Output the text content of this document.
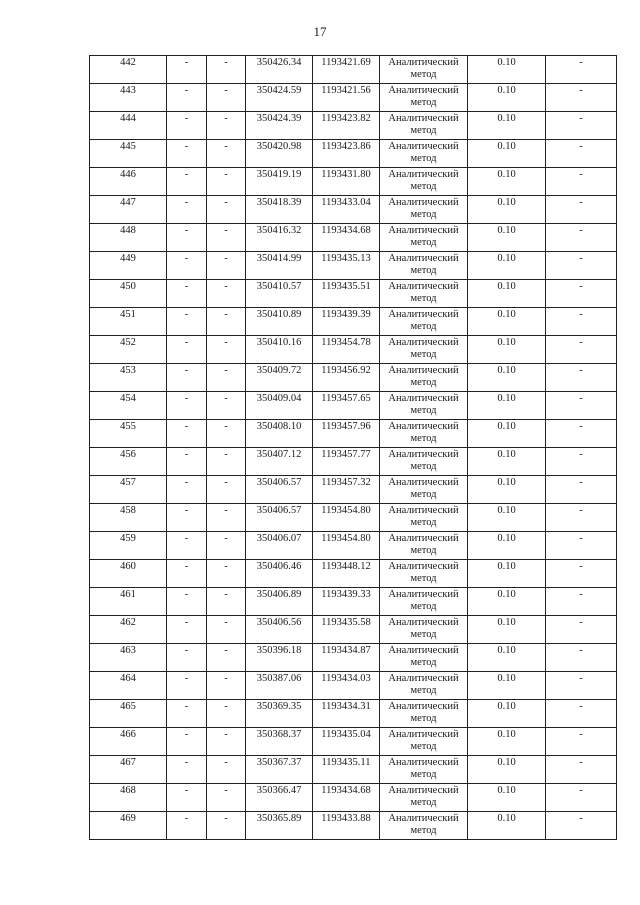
17
442	-	-	350426.34	1193421.69	Аналитический
метод	0.10	-
443	-	-	350424.59	1193421.56	Аналитический
метод	0.10	-
444	-	-	350424.39	1193423.82	Аналитический
метод	0.10	-
445	-	-	350420.98	1193423.86	Аналитический
метод	0.10	-
446	-	-	350419.19	1193431.80	Аналитический
метод	0.10	-
447	-	-	350418.39	1193433.04	Аналитический
метод	0.10	-
448	-	-	350416.32	1193434.68	Аналитический
метод	0.10	-
449	-	-	350414.99	1193435.13	Аналитический
метод	0.10	-
450	-	-	350410.57	1193435.51	Аналитический
метод	0.10	-
451	-	-	350410.89	1193439.39	Аналитический
метод	0.10	-
452	-	-	350410.16	1193454.78	Аналитический
метод	0.10	-
453	-	-	350409.72	1193456.92	Аналитический
метод	0.10	-
454	-	-	350409.04	1193457.65	Аналитический
метод	0.10	-
455	-	-	350408.10	1193457.96	Аналитический
метод	0.10	-
456	-	-	350407.12	1193457.77	Аналитический
метод	0.10	-
457	-	-	350406.57	1193457.32	Аналитический
метод	0.10	-
458	-	-	350406.57	1193454.80	Аналитический
метод	0.10	-
459	-	-	350406.07	1193454.80	Аналитический
метод	0.10	-
460	-	-	350406.46	1193448.12	Аналитический
метод	0.10	-
461	-	-	350406.89	1193439.33	Аналитический
метод	0.10	-
462	-	-	350406.56	1193435.58	Аналитический
метод	0.10	-
463	-	-	350396.18	1193434.87	Аналитический
метод	0.10	-
464	-	-	350387.06	1193434.03	Аналитический
метод	0.10	-
465	-	-	350369.35	1193434.31	Аналитический
метод	0.10	-
466	-	-	350368.37	1193435.04	Аналитический
метод	0.10	-
467	-	-	350367.37	1193435.11	Аналитический
метод	0.10	-
468	-	-	350366.47	1193434.68	Аналитический
метод	0.10	-
469	-	-	350365.89	1193433.88	Аналитический
метод	0.10	-
